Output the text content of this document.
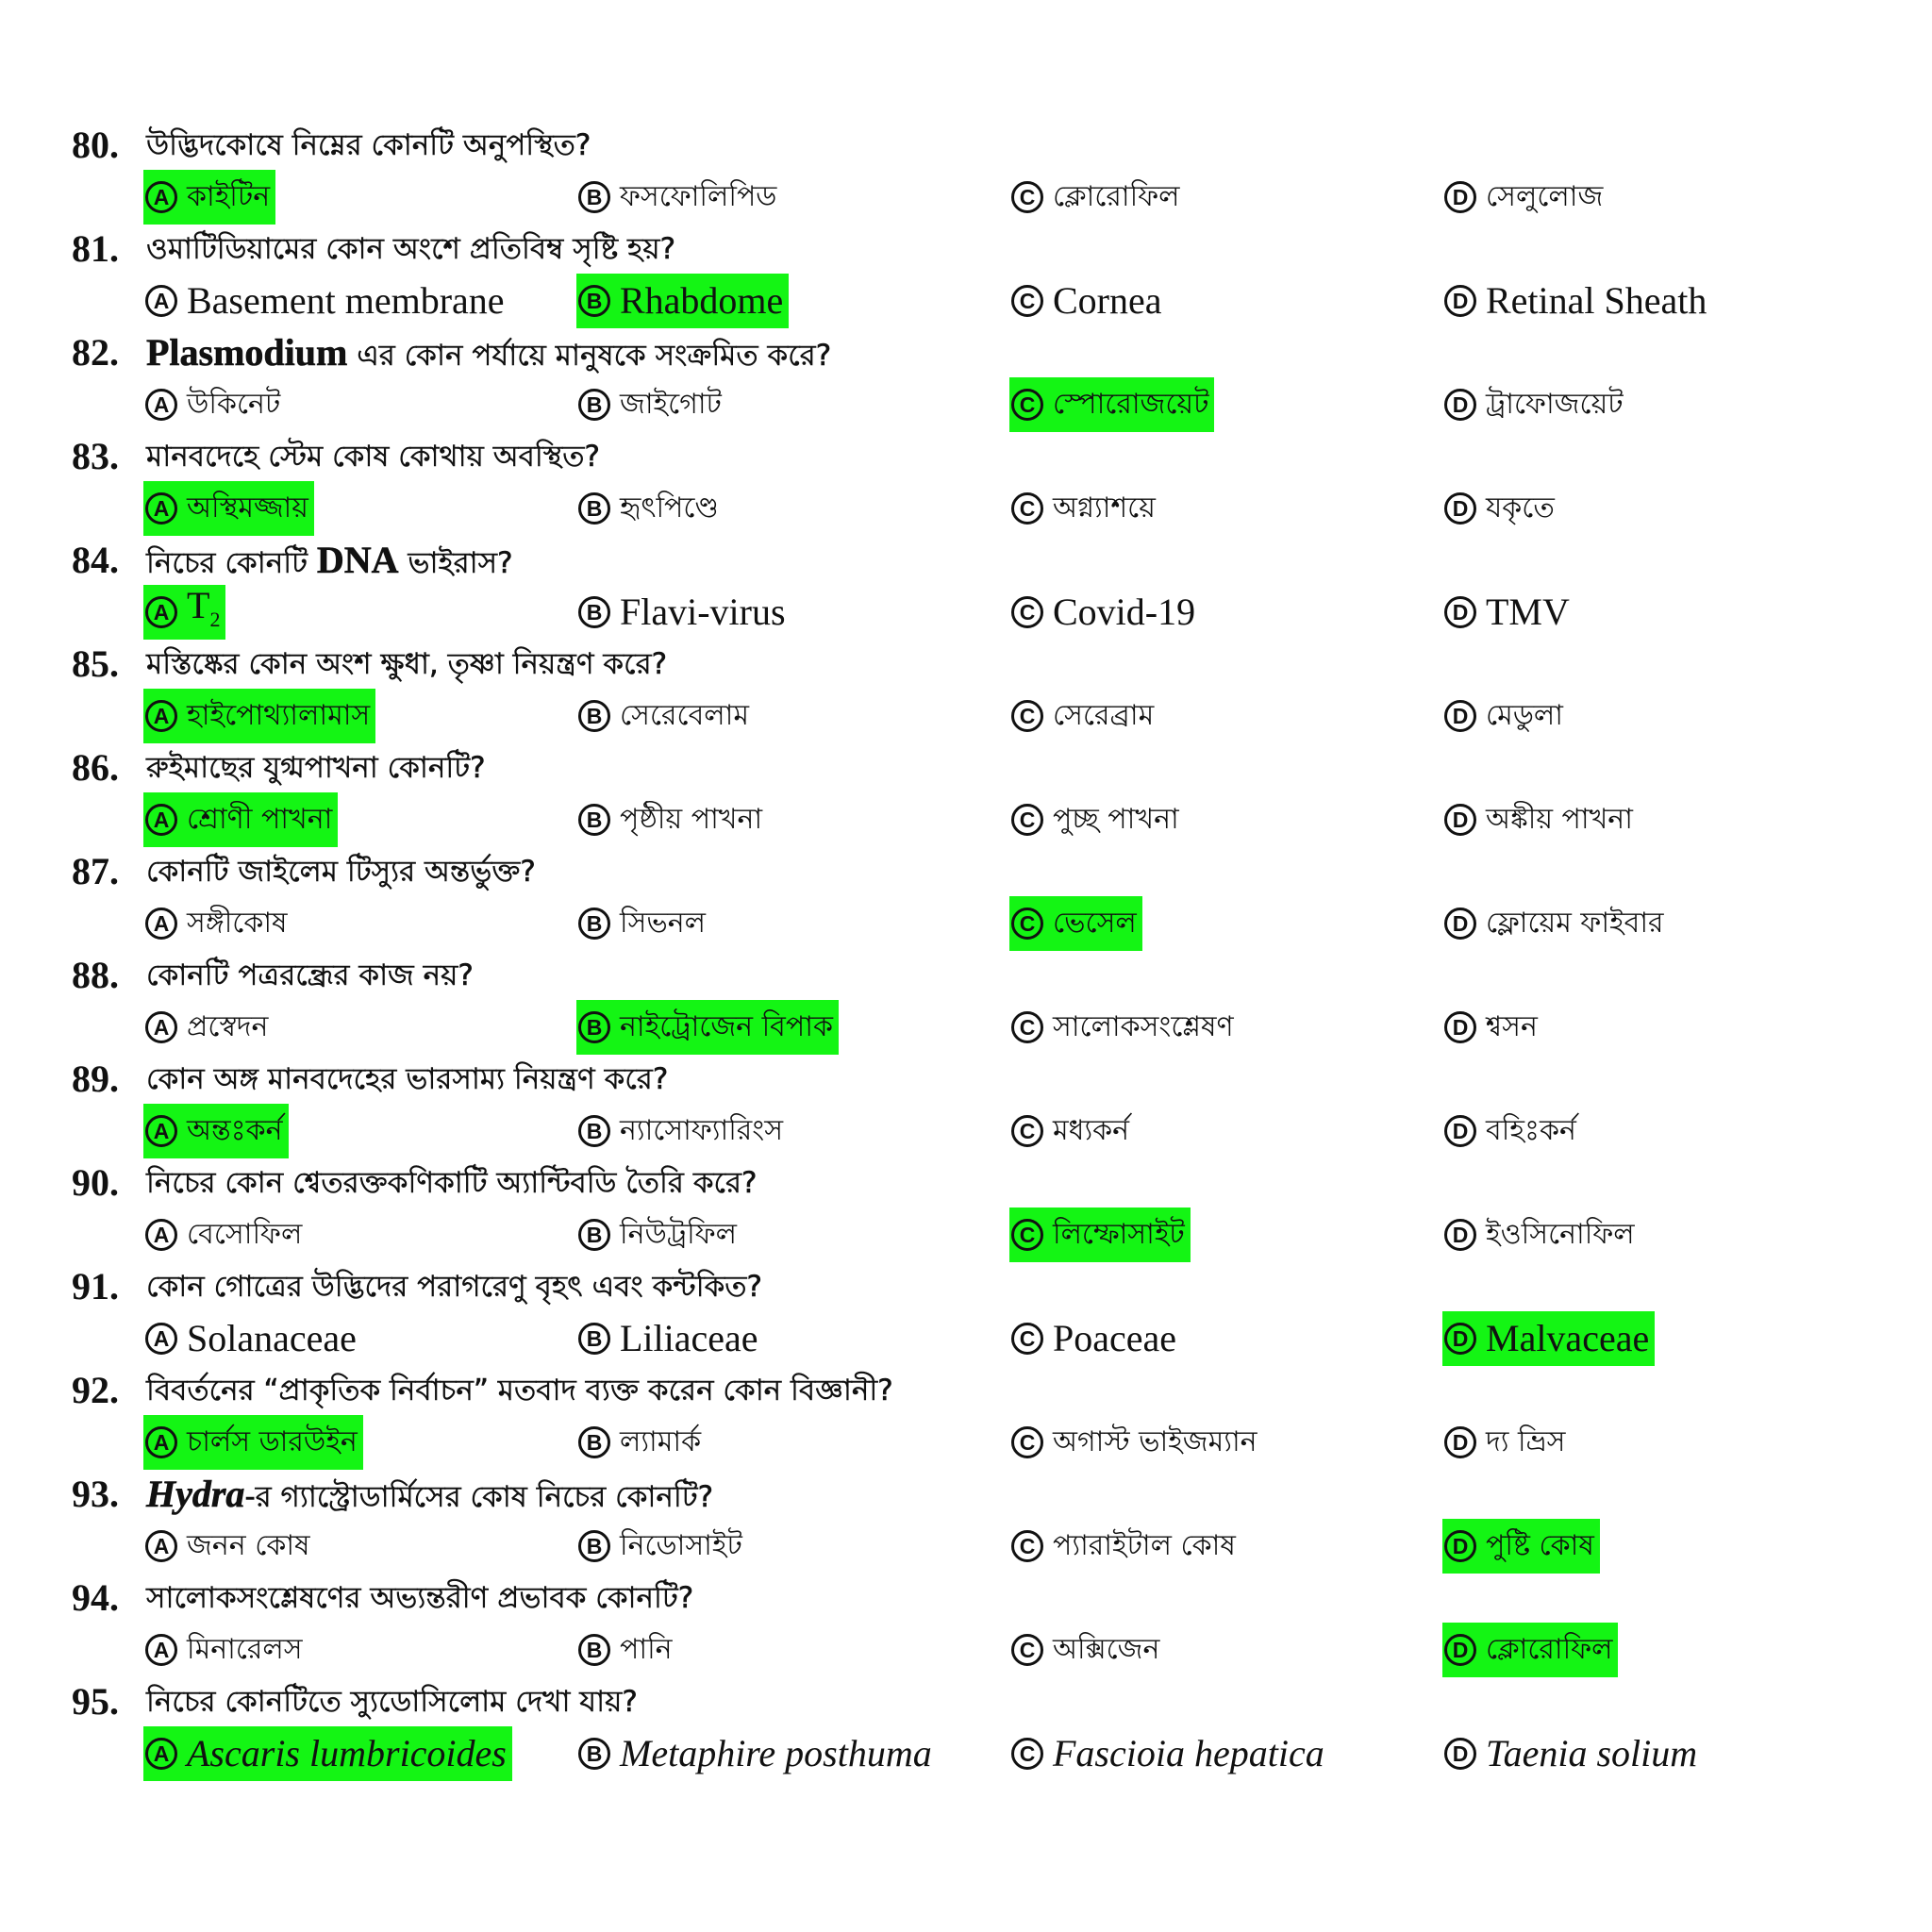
80. উদ্ভিদকোষে নিম্নের কোনটি অনুপস্থিত?
A কাইটিন	B ফসফোলিপিড	C ক্লোরোফিল	D সেলুলোজ
81. ওমাটিডিয়ামের কোন অংশে প্রতিবিম্ব সৃষ্টি হয়?
A Basement membrane	B Rhabdome	C Cornea	D Retinal Sheath
82. Plasmodium এর কোন পর্যায়ে মানুষকে সংক্রমিত করে?
A উকিনেট	B জাইগোট	C স্পোরোজয়েট	D ট্রাফোজয়েট
83. মানবদেহে স্টেম কোষ কোথায় অবস্থিত?
A অস্থিমজ্জায়	B হৃৎপিণ্ডে	C অগ্ন্যাশয়ে	D যকৃতে
84. নিচের কোনটি DNA ভাইরাস?
A $T_2$	B Flavi-virus	C Covid-19	D TMV
85. মস্তিষ্কের কোন অংশ ক্ষুধা, তৃষ্ণা নিয়ন্ত্রণ করে?
A হাইপোথ্যালামাস	B সেরেবেলাম	C সেরেব্রাম	D মেডুলা
86. রুইমাছের যুগ্মপাখনা কোনটি?
A শ্রোণী পাখনা	B পৃষ্ঠীয় পাখনা	C পুচ্ছ পাখনা	D অঙ্কীয় পাখনা
87. কোনটি জাইলেম টিস্যুর অন্তর্ভুক্ত?
A সঙ্গীকোষ	B সিভনল	C ভেসেল	D ফ্লোয়েম ফাইবার
88. কোনটি পত্ররন্ধ্রের কাজ নয়?
A প্রস্বেদন	B নাইট্রোজেন বিপাক	C সালোকসংশ্লেষণ	D শ্বসন
89. কোন অঙ্গ মানবদেহের ভারসাম্য নিয়ন্ত্রণ করে?
A অন্তঃকর্ন	B ন্যাসোফ্যারিংস	C মধ্যকর্ন	D বহিঃকর্ন
90. নিচের কোন শ্বেতরক্তকণিকাটি অ্যান্টিবডি তৈরি করে?
A বেসোফিল	B নিউট্রফিল	C লিম্ফোসাইট	D ইওসিনোফিল
91. কোন গোত্রের উদ্ভিদের পরাগরেণু বৃহৎ এবং কন্টকিত?
A Solanaceae	B Liliaceae	C Poaceae	D Malvaceae
92. বিবর্তনের “প্রাকৃতিক নির্বাচন” মতবাদ ব্যক্ত করেন কোন বিজ্ঞানী?
A চার্লস ডারউইন	B ল্যামার্ক	C অগাস্ট ভাইজম্যান	D দ্য ভ্রিস
93. Hydra-র গ্যাস্ট্রোডার্মিসের কোষ নিচের কোনটি?
A জনন কোষ	B নিডোসাইট	C প্যারাইটাল কোষ	D পুষ্টি কোষ
94. সালোকসংশ্লেষণের অভ্যন্তরীণ প্রভাবক কোনটি?
A মিনারেলস	B পানি	C অক্সিজেন	D ক্লোরোফিল
95. নিচের কোনটিতে স্যুডোসিলোম দেখা যায়?
A Ascaris lumbricoides	B Metaphire posthuma	C Fascioia hepatica	D Taenia solium
